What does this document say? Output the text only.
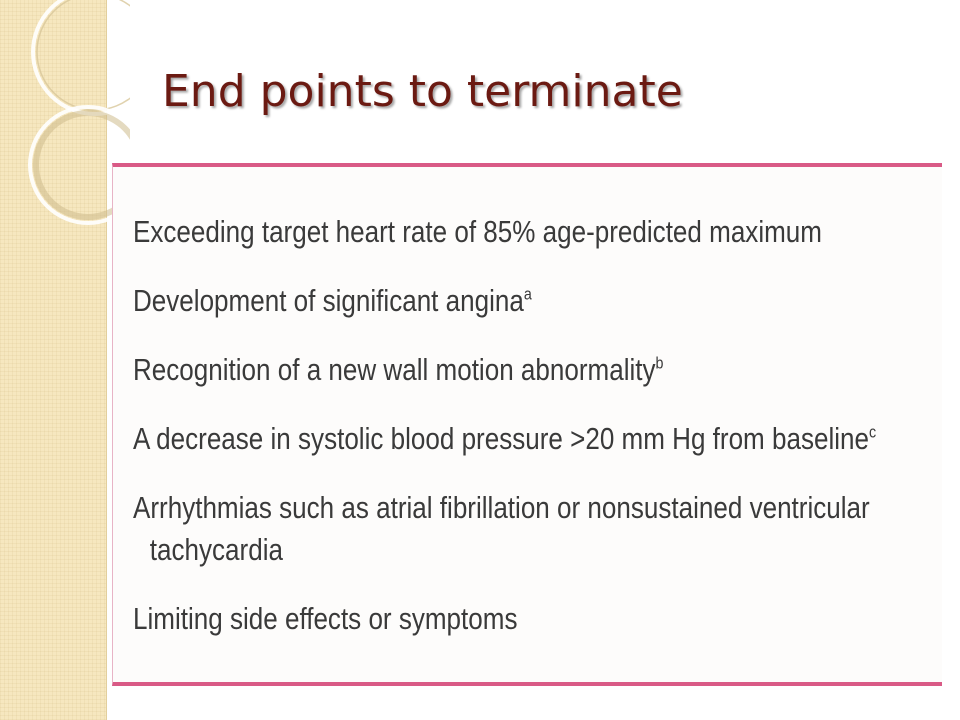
End points to terminate
Exceeding target heart rate of 85% age-predicted maximum
Development of significant angina$^a$
Recognition of a new wall motion abnormality$^b$
A decrease in systolic blood pressure >20 mm Hg from baseline$^c$
Arrhythmias such as atrial fibrillation or nonsustained ventricular
tachycardia
Limiting side effects or symptoms
